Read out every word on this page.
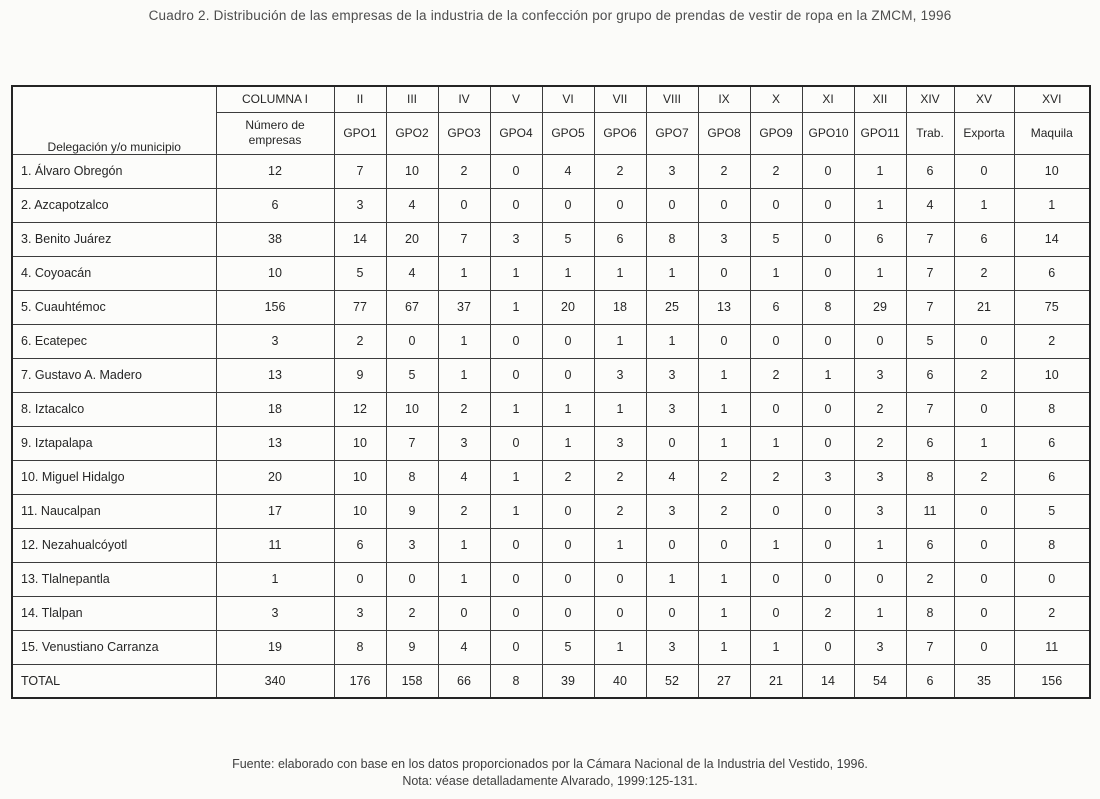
Cuadro 2. Distribución de las empresas de la industria de la confección por grupo de prendas de vestir de ropa en la ZMCM, 1996
Delegación y/o municipio	COLUMNA I	II	III	IV	V	VI	VII	VIII	IX	X	XI	XII	XIV	XV	XVI
	Número de empresas	GPO1	GPO2	GPO3	GPO4	GPO5	GPO6	GPO7	GPO8	GPO9	GPO10	GPO11	Trab.	Exporta	Maquila
1. Álvaro Obregón	12	7	10	2	0	4	2	3	2	2	0	1	6	0	10
2. Azcapotzalco	6	3	4	0	0	0	0	0	0	0	0	1	4	1	1
3. Benito Juárez	38	14	20	7	3	5	6	8	3	5	0	6	7	6	14
4. Coyoacán	10	5	4	1	1	1	1	1	0	1	0	1	7	2	6
5. Cuauhtémoc	156	77	67	37	1	20	18	25	13	6	8	29	7	21	75
6. Ecatepec	3	2	0	1	0	0	1	1	0	0	0	0	5	0	2
7. Gustavo A. Madero	13	9	5	1	0	0	3	3	1	2	1	3	6	2	10
8. Iztacalco	18	12	10	2	1	1	1	3	1	0	0	2	7	0	8
9. Iztapalapa	13	10	7	3	0	1	3	0	1	1	0	2	6	1	6
10. Miguel Hidalgo	20	10	8	4	1	2	2	4	2	2	3	3	8	2	6
11. Naucalpan	17	10	9	2	1	0	2	3	2	0	0	3	11	0	5
12. Nezahualcóyotl	11	6	3	1	0	0	1	0	0	1	0	1	6	0	8
13. Tlalnepantla	1	0	0	1	0	0	0	1	1	0	0	0	2	0	0
14. Tlalpan	3	3	2	0	0	0	0	0	1	0	2	1	8	0	2
15. Venustiano Carranza	19	8	9	4	0	5	1	3	1	1	0	3	7	0	11
TOTAL	340	176	158	66	8	39	40	52	27	21	14	54	6	35	156
Fuente: elaborado con base en los datos proporcionados por la Cámara Nacional de la Industria del Vestido, 1996.
Nota: véase detalladamente Alvarado, 1999:125-131.
